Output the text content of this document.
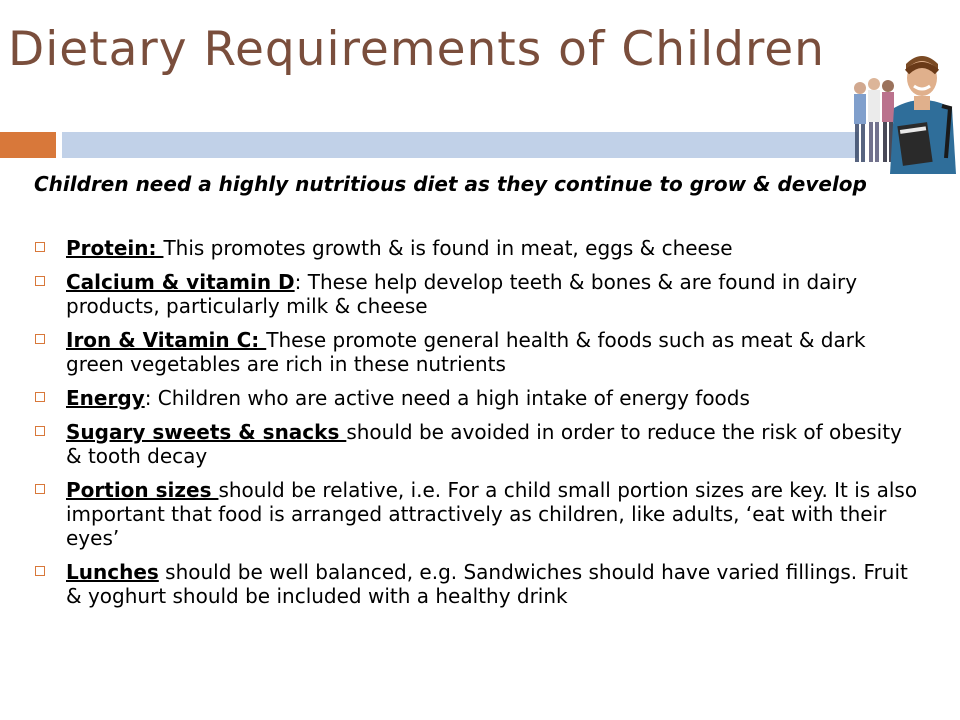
Dietary Requirements of Children
Children need a highly nutritious diet as they continue to grow & develop
Protein: This promotes growth & is found in meat, eggs & cheese
Calcium & vitamin D: These help develop teeth & bones & are found in dairy products, particularly milk & cheese
Iron & Vitamin C: These promote general health & foods such as meat & dark green vegetables are rich in these nutrients
Energy: Children who are active need a high intake of energy foods
Sugary sweets & snacks should be avoided in order to reduce the risk of obesity & tooth decay
Portion sizes should be relative, i.e. For a child small portion sizes are key. It is also important that food is arranged attractively as children, like adults, ‘eat with their eyes’
Lunches should be well balanced, e.g. Sandwiches should have varied fillings. Fruit & yoghurt should be included with a healthy drink
